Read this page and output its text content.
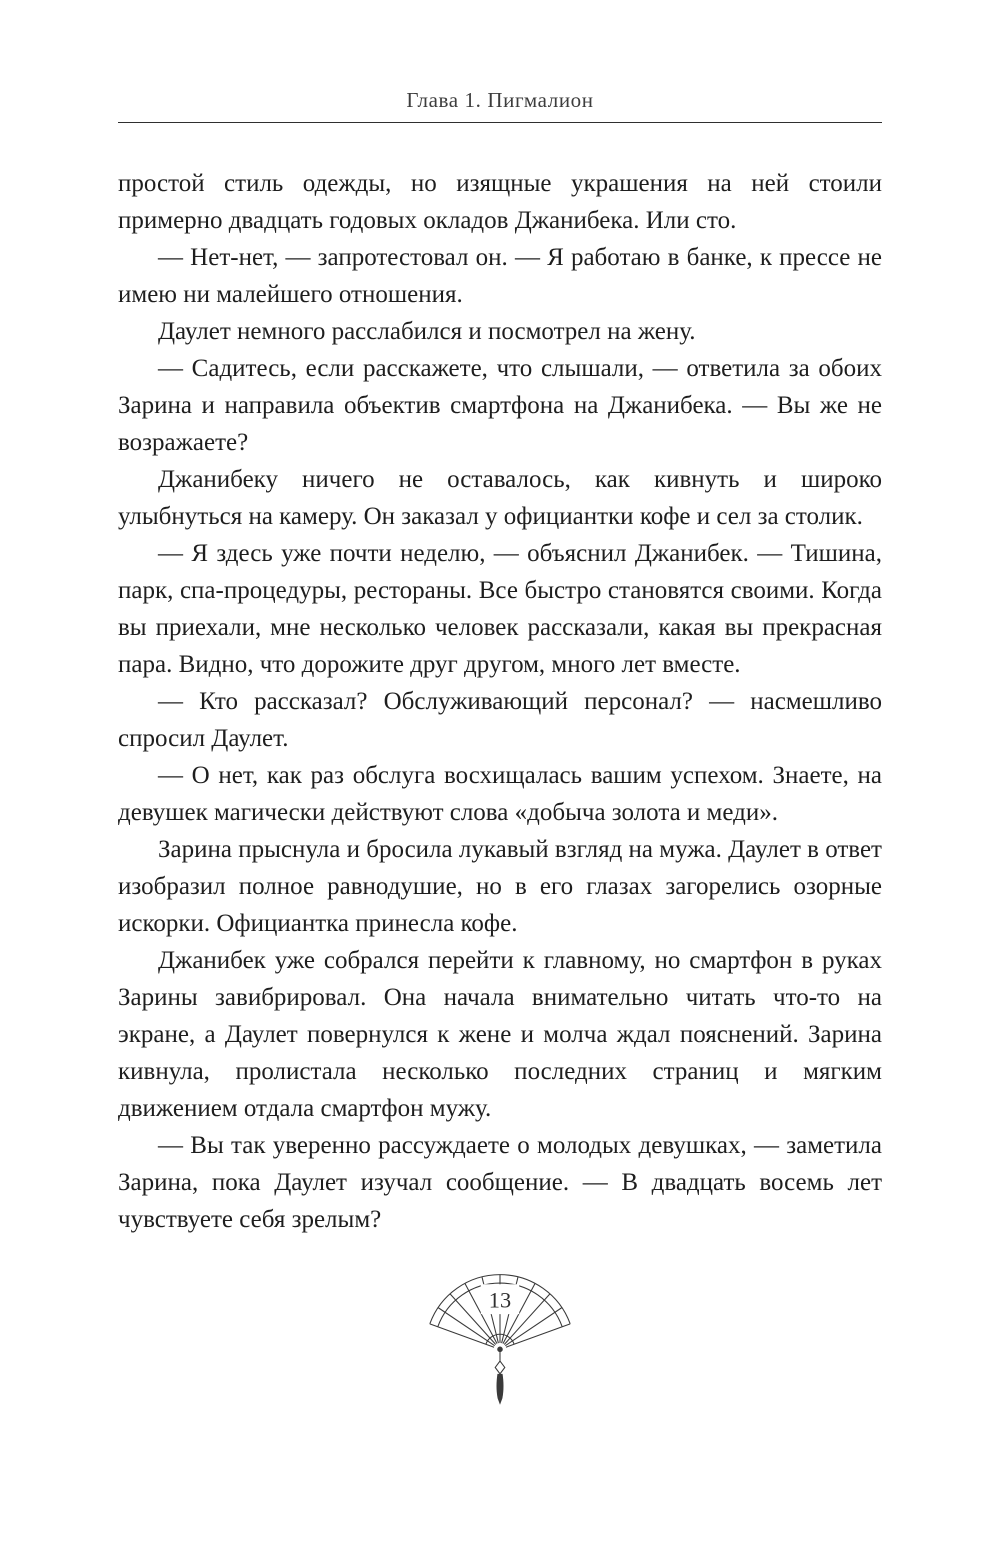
Глава 1. Пигмалион

простой стиль одежды, но изящные украшения на ней стоили примерно двадцать годовых окладов Джанибека. Или сто.

— Нет-нет, — запротестовал он. — Я работаю в банке, к прессе не имею ни малейшего отношения.

Даулет немного расслабился и посмотрел на жену.

— Садитесь, если расскажете, что слышали, — ответила за обоих Зарина и направила объектив смартфона на Джанибека. — Вы же не возражаете?

Джанибеку ничего не оставалось, как кивнуть и широко улыбнуться на камеру. Он заказал у официантки кофе и сел за столик.

— Я здесь уже почти неделю, — объяснил Джанибек. — Тишина, парк, спа-процедуры, рестораны. Все быстро становятся своими. Когда вы приехали, мне несколько человек рассказали, какая вы прекрасная пара. Видно, что дорожите друг другом, много лет вместе.

— Кто рассказал? Обслуживающий персонал? — насмешливо спросил Даулет.

— О нет, как раз обслуга восхищалась вашим успехом. Знаете, на девушек магически действуют слова «добыча золота и меди».

Зарина прыснула и бросила лукавый взгляд на мужа. Даулет в ответ изобразил полное равнодушие, но в его глазах загорелись озорные искорки. Официантка принесла кофе.

Джанибек уже собрался перейти к главному, но смартфон в руках Зарины завибрировал. Она начала внимательно читать что-то на экране, а Даулет повернулся к жене и молча ждал пояснений. Зарина кивнула, пролистала несколько последних страниц и мягким движением отдала смартфон мужу.

— Вы так уверенно рассуждаете о молодых девушках, — заметила Зарина, пока Даулет изучал сообщение. — В двадцать восемь лет чувствуете себя зрелым?

13
